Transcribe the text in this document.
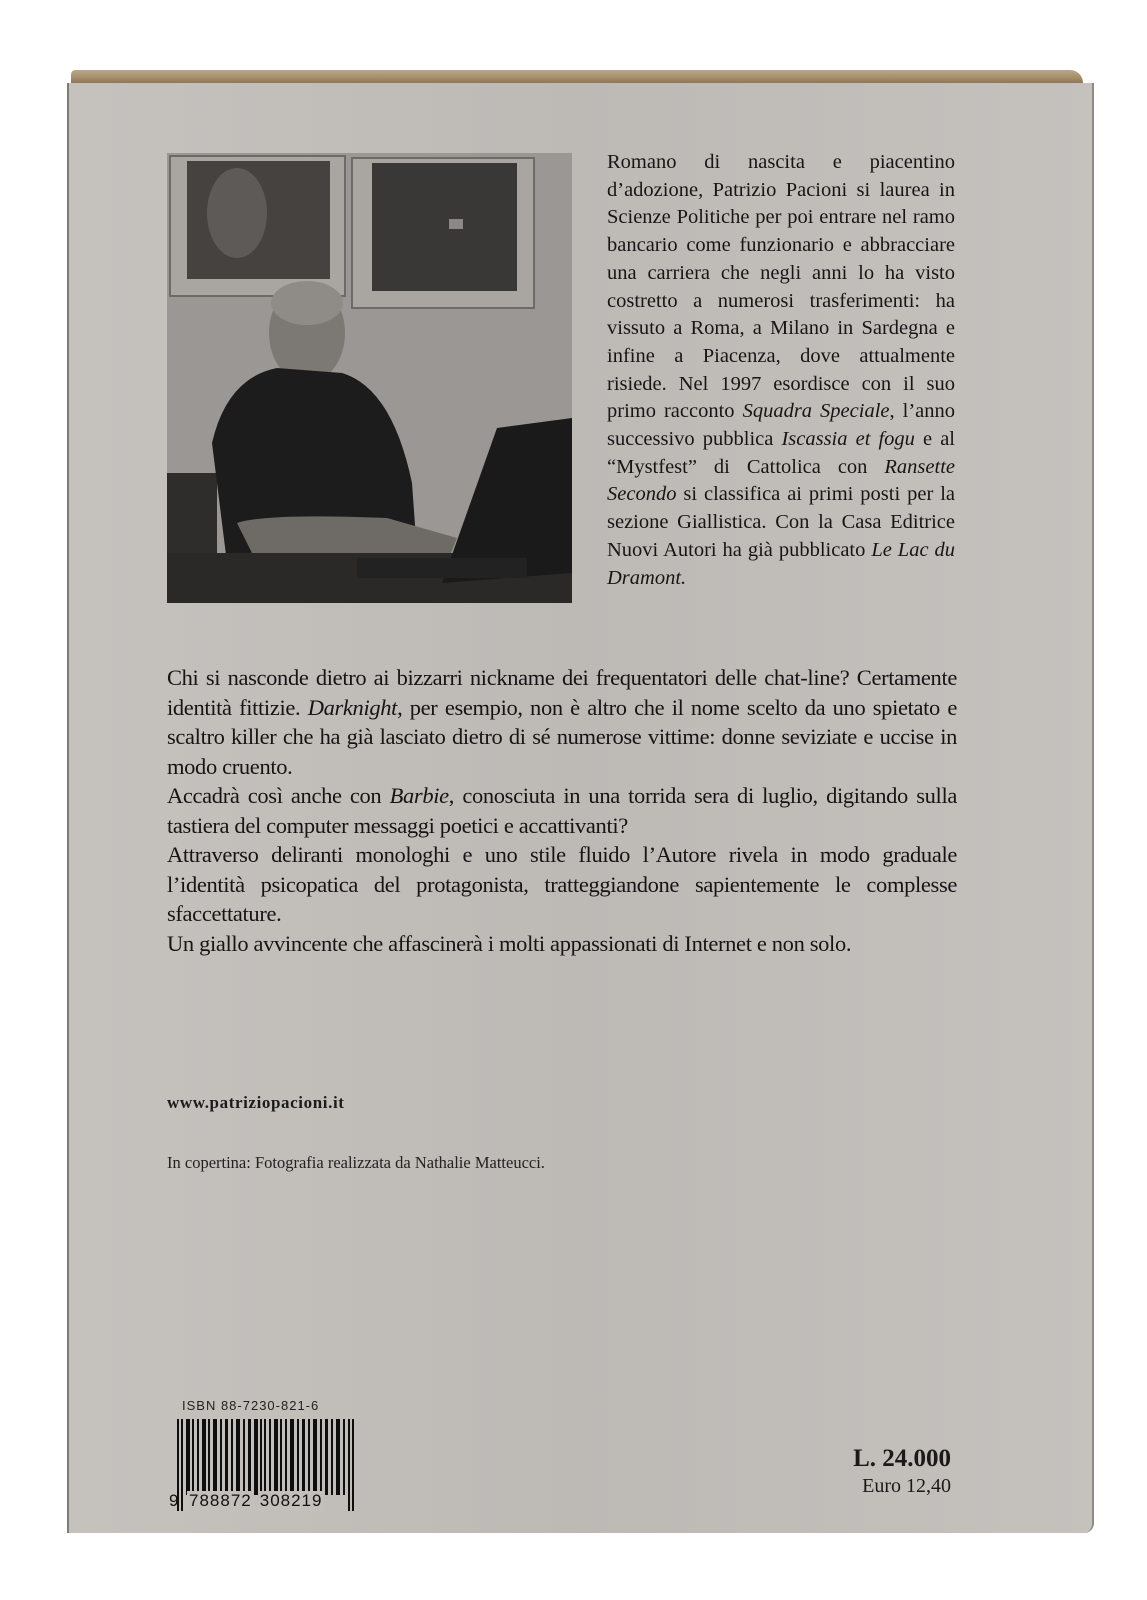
Romano di nascita e piacentino d’adozione, Patrizio Pacioni si laurea in Scienze Politiche per poi entrare nel ramo bancario come funzionario e abbracciare una carriera che negli anni lo ha visto costretto a numerosi trasferimenti: ha vissuto a Roma, a Milano in Sardegna e infine a Piacenza, dove attualmente risiede. Nel 1997 esordisce con il suo primo racconto Squadra Speciale, l’anno successivo pubblica Iscassia et fogu e al “Mystfest” di Cattolica con Ransette Secondo si classifica ai primi posti per la sezione Giallistica. Con la Casa Editrice Nuovi Autori ha già pubblicato Le Lac du Dramont.

Chi si nasconde dietro ai bizzarri nickname dei frequentatori delle chat-line? Certamente identità fittizie. Darknight, per esempio, non è altro che il nome scelto da uno spietato e scaltro killer che ha già lasciato dietro di sé numerose vittime: donne seviziate e uccise in modo cruento.

Accadrà così anche con Barbie, conosciuta in una torrida sera di luglio, digitando sulla tastiera del computer messaggi poetici e accattivanti?

Attraverso deliranti monologhi e uno stile fluido l’Autore rivela in modo graduale l’identità psicopatica del protagonista, tratteggiandone sapientemente le complesse sfaccettature.

Un giallo avvincente che affascinerà i molti appassionati di Internet e non solo.

www.patriziopacioni.it
In copertina: Fotografia realizzata da Nathalie Matteucci.
ISBN 88-7230-821-6
9 788872 308219
L. 24.000
Euro 12,40
